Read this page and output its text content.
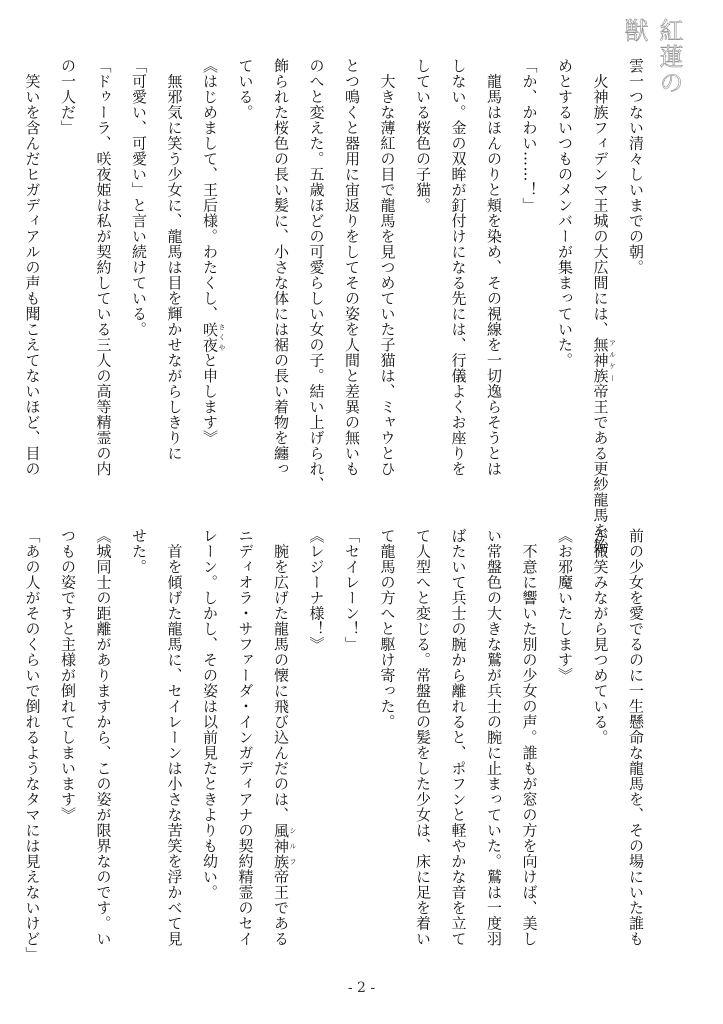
紅蓮の獣
雲一つない清々しいまでの朝。
　火神族フィデンマ王城の大広間には、無神族 アルケー帝王である更紗龍馬を始
めとするいつものメンバーが集まっていた。
「か、かわい……！」
　龍馬はほんのりと頬を染め、その視線を一切逸らそうとは
しない。金の双眸が釘付けになる先には、行儀よくお座りを
している桜色の子猫。
　大きな薄紅の目で龍馬を見つめていた子猫は、ミャウとひ
とつ鳴くと器用に宙返りをしてその姿を人間と差異の無いも
のへと変えた。五歳ほどの可愛らしい女の子。結い上げられ、
飾られた桜色の長い髪に、小さな体には裾の長い着物を纏っ
ている。
《はじめまして、王后様。わたくし、咲夜 さくやと申します》
　無邪気に笑う少女に、龍馬は目を輝かせながらしきりに
「可愛い、可愛い」と言い続けている。
「ドゥーラ、咲夜姫は私が契約している三人の高等精霊の内
の一人だ」
　笑いを含んだヒガディアルの声も聞こえてないほど、目の
前の少女を愛でるのに一生懸命な龍馬を、その場にいた誰も
が微笑みながら見つめている。
《お邪魔いたします》
　不意に響いた別の少女の声。誰もが窓の方を向けば、美し
い常盤色の大きな鷲が兵士の腕に止まっていた。鷲は一度羽
ばたいて兵士の腕から離れると、ポフンと軽やかな音を立て
て人型へと変じる。常盤色の髪をした少女は、床に足を着い
て龍馬の方へと駆け寄った。
「セイレーン！」
《レジーナ様！》
　腕を広げた龍馬の懐に飛び込んだのは、風神族 シルフ帝王である
ニディオラ・サファーダ・インガディアナの契約精霊のセイ
レーン。しかし、その姿は以前見たときよりも幼い。
　首を傾げた龍馬に、セイレーンは小さな苦笑を浮かべて見
せた。
《城同士の距離がありますから、この姿が限界なのです。い
つもの姿ですと主様が倒れてしまいます》
「あの人がそのくらいで倒れるようなタマには見えないけど」
- 2 -
